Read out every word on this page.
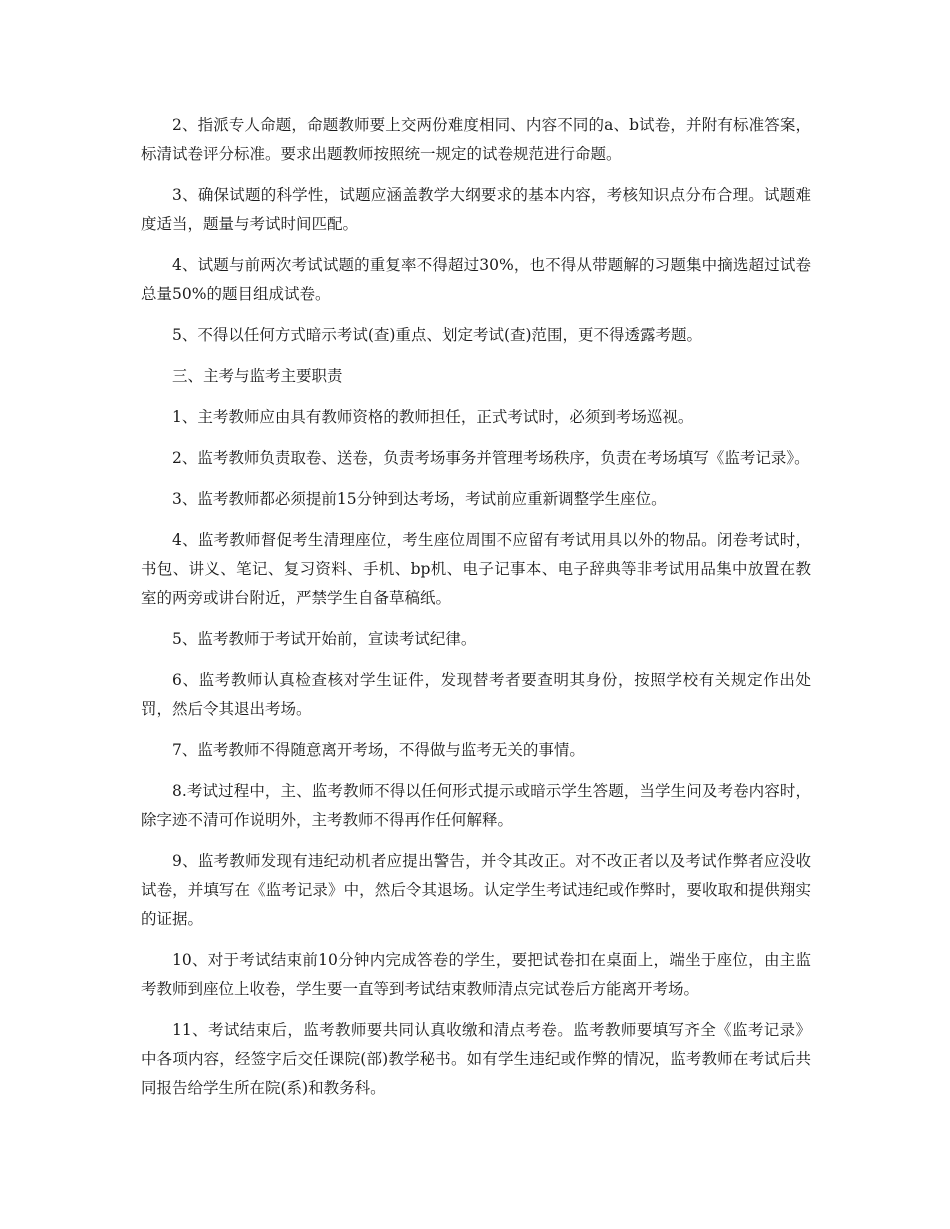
2、指派专人命题，命题教师要上交两份难度相同、内容不同的a、b试卷，并附有标准答案，标清试卷评分标准。要求出题教师按照统一规定的试卷规范进行命题。

3、确保试题的科学性，试题应涵盖教学大纲要求的基本内容，考核知识点分布合理。试题难度适当，题量与考试时间匹配。

4、试题与前两次考试试题的重复率不得超过30%，也不得从带题解的习题集中摘选超过试卷总量50%的题目组成试卷。

5、不得以任何方式暗示考试(查)重点、划定考试(查)范围，更不得透露考题。

三、主考与监考主要职责

1、主考教师应由具有教师资格的教师担任，正式考试时，必须到考场巡视。

2、监考教师负责取卷、送卷，负责考场事务并管理考场秩序，负责在考场填写《监考记录》。

3、监考教师都必须提前15分钟到达考场，考试前应重新调整学生座位。

4、监考教师督促考生清理座位，考生座位周围不应留有考试用具以外的物品。闭卷考试时，书包、讲义、笔记、复习资料、手机、bp机、电子记事本、电子辞典等非考试用品集中放置在教室的两旁或讲台附近，严禁学生自备草稿纸。

5、监考教师于考试开始前，宣读考试纪律。

6、监考教师认真检查核对学生证件，发现替考者要查明其身份，按照学校有关规定作出处罚，然后令其退出考场。

7、监考教师不得随意离开考场，不得做与监考无关的事情。

8.考试过程中，主、监考教师不得以任何形式提示或暗示学生答题，当学生问及考卷内容时，除字迹不清可作说明外，主考教师不得再作任何解释。

9、监考教师发现有违纪动机者应提出警告，并令其改正。对不改正者以及考试作弊者应没收试卷，并填写在《监考记录》中，然后令其退场。认定学生考试违纪或作弊时，要收取和提供翔实的证据。

10、对于考试结束前10分钟内完成答卷的学生，要把试卷扣在桌面上，端坐于座位，由主监考教师到座位上收卷，学生要一直等到考试结束教师清点完试卷后方能离开考场。

11、考试结束后，监考教师要共同认真收缴和清点考卷。监考教师要填写齐全《监考记录》中各项内容，经签字后交任课院(部)教学秘书。如有学生违纪或作弊的情况，监考教师在考试后共同报告给学生所在院(系)和教务科。
